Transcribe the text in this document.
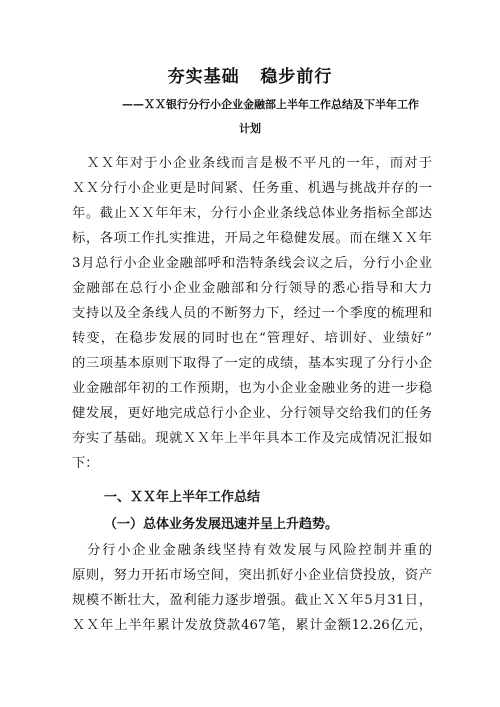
夯实基础   稳步前行
——ＸＸ银行分行小企业金融部上半年工作总结及下半年工作
计划
　ＸＸ年对于小企业条线而言是极不平凡的一年，而对于
ＸＸ分行小企业更是时间紧、任务重、机遇与挑战并存的一
年。截止ＸＸ年年末，分行小企业条线总体业务指标全部达
标，各项工作扎实推进，开局之年稳健发展。而在继ＸＸ年
3月总行小企业金融部呼和浩特条线会议之后，分行小企业
金融部在总行小企业金融部和分行领导的悉心指导和大力
支持以及全条线人员的不断努力下，经过一个季度的梳理和
转变，在稳步发展的同时也在“管理好、培训好、业绩好”
的三项基本原则下取得了一定的成绩，基本实现了分行小企
业金融部年初的工作预期，也为小企业金融业务的进一步稳
健发展，更好地完成总行小企业、分行领导交给我们的任务
夯实了基础。现就ＸＸ年上半年具本工作及完成情况汇报如
下：
一、ＸＸ年上半年工作总结
（一）总体业务发展迅速并呈上升趋势。
　分行小企业金融条线坚持有效发展与风险控制并重的
原则，努力开拓市场空间，突出抓好小企业信贷投放，资产
规模不断壮大，盈利能力逐步增强。截止ＸＸ年5月31日，
ＸＸ年上半年累计发放贷款467笔，累计金额12.26亿元，
